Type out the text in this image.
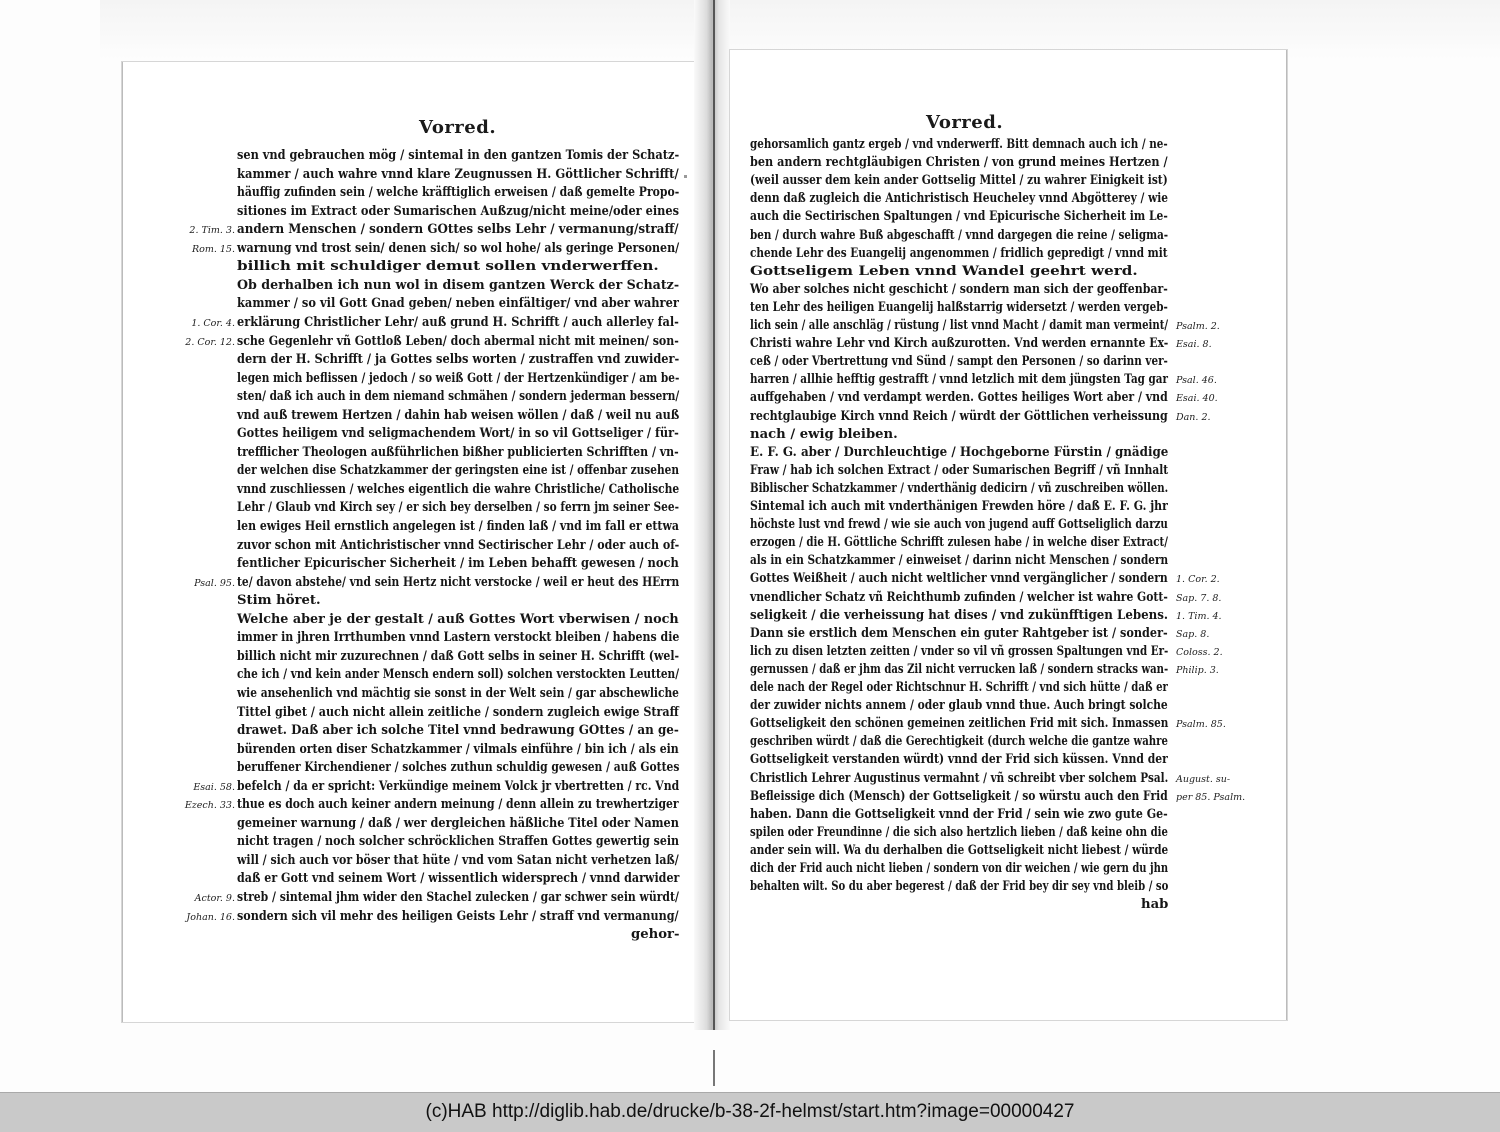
Vorred.
sen vnd gebrauchen mög / sintemal in den gantzen Tomis der Schatz-
kammer / auch wahre vnnd klare Zeugnussen H. Göttlicher Schrifft/
häuffig zufinden sein / welche kräfftiglich erweisen / daß gemelte Propo-
sitiones im Extract oder Sumarischen Außzug/nicht meine/oder eines
andern Menschen / sondern GOttes selbs Lehr / vermanung/straff/
warnung vnd trost sein/ denen sich/ so wol hohe/ als geringe Personen/
billich mit schuldiger demut sollen vnderwerffen.
Ob derhalben ich nun wol in disem gantzen Werck der Schatz-
kammer / so vil Gott Gnad geben/ neben einfältiger/ vnd aber wahrer
erklärung Christlicher Lehr/ auß grund H. Schrifft / auch allerley fal-
sche Gegenlehr vñ Gottloß Leben/ doch abermal nicht mit meinen/ son-
dern der H. Schrifft / ja Gottes selbs worten / zustraffen vnd zuwider-
legen mich beflissen / jedoch / so weiß Gott / der Hertzenkündiger / am be-
sten/ daß ich auch in dem niemand schmähen / sondern jederman bessern/
vnd auß trewem Hertzen / dahin hab weisen wöllen / daß / weil nu auß
Gottes heiligem vnd seligmachendem Wort/ in so vil Gottseliger / für-
trefflicher Theologen außführlichen bißher publicierten Schrifften / vn-
der welchen dise Schatzkammer der geringsten eine ist / offenbar zusehen
vnnd zuschliessen / welches eigentlich die wahre Christliche/ Catholische
Lehr / Glaub vnd Kirch sey / er sich bey derselben / so ferrn jm seiner See-
len ewiges Heil ernstlich angelegen ist / finden laß / vnd im fall er ettwa
zuvor schon mit Antichristischer vnnd Sectirischer Lehr / oder auch of-
fentlicher Epicurischer Sicherheit / im Leben behafft gewesen / noch
te/ davon abstehe/ vnd sein Hertz nicht verstocke / weil er heut des HErrn
Stim höret.
Welche aber je der gestalt / auß Gottes Wort vberwisen / noch
immer in jhren Irrthumben vnnd Lastern verstockt bleiben / habens die
billich nicht mir zuzurechnen / daß Gott selbs in seiner H. Schrifft (wel-
che ich / vnd kein ander Mensch endern soll) solchen verstockten Leutten/
wie ansehenlich vnd mächtig sie sonst in der Welt sein / gar abschewliche
Tittel gibet / auch nicht allein zeitliche / sondern zugleich ewige Straff
drawet. Daß aber ich solche Titel vnnd bedrawung GOttes / an ge-
bürenden orten diser Schatzkammer / vilmals einführe / bin ich / als ein
beruffener Kirchendiener / solches zuthun schuldig gewesen / auß Gottes
befelch / da er spricht: Verkündige meinem Volck jr vbertretten / rc. Vnd
thue es doch auch keiner andern meinung / denn allein zu trewhertziger
gemeiner warnung / daß / wer dergleichen häßliche Titel oder Namen
nicht tragen / noch solcher schröcklichen Straffen Gottes gewertig sein
will / sich auch vor böser that hüte / vnd vom Satan nicht verhetzen laß/
daß er Gott vnd seinem Wort / wissentlich widersprech / vnnd darwider
streb / sintemal jhm wider den Stachel zulecken / gar schwer sein würdt/
sondern sich vil mehr des heiligen Geists Lehr / straff vnd vermanung/
gehor-
2. Tim. 3.
Rom. 15.
1. Cor. 4.
2. Cor. 12.
Psal. 95.
Esai. 58.
Ezech. 33.
Actor. 9.
Johan. 16.
Vorred.
gehorsamlich gantz ergeb / vnd vnderwerff. Bitt demnach auch ich / ne-
ben andern rechtgläubigen Christen / von grund meines Hertzen /
(weil ausser dem kein ander Gottselig Mittel / zu wahrer Einigkeit ist)
denn daß zugleich die Antichristisch Heucheley vnnd Abgötterey / wie
auch die Sectirischen Spaltungen / vnd Epicurische Sicherheit im Le-
ben / durch wahre Buß abgeschafft / vnnd dargegen die reine / seligma-
chende Lehr des Euangelij angenommen / fridlich gepredigt / vnnd mit
Gottseligem Leben vnnd Wandel geehrt werd.
Wo aber solches nicht geschicht / sondern man sich der geoffenbar-
ten Lehr des heiligen Euangelij halßstarrig widersetzt / werden vergeb-
lich sein / alle anschläg / rüstung / list vnnd Macht / damit man vermeint/
Christi wahre Lehr vnd Kirch außzurotten. Vnd werden ernannte Ex-
ceß / oder Vbertrettung vnd Sünd / sampt den Personen / so darinn ver-
harren / allhie hefftig gestrafft / vnnd letzlich mit dem jüngsten Tag gar
auffgehaben / vnd verdampt werden. Gottes heiliges Wort aber / vnd
rechtglaubige Kirch vnnd Reich / würdt der Göttlichen verheissung
nach / ewig bleiben.
E. F. G. aber / Durchleuchtige / Hochgeborne Fürstin / gnädige
Fraw / hab ich solchen Extract / oder Sumarischen Begriff / vñ Innhalt
Biblischer Schatzkammer / vnderthänig dedicirn / vñ zuschreiben wöllen.
Sintemal ich auch mit vnderthänigen Frewden höre / daß E. F. G. jhr
höchste lust vnd frewd / wie sie auch von jugend auff Gottseliglich darzu
erzogen / die H. Göttliche Schrifft zulesen habe / in welche diser Extract/
als in ein Schatzkammer / einweiset / darinn nicht Menschen / sondern
Gottes Weißheit / auch nicht weltlicher vnnd vergänglicher / sondern
vnendlicher Schatz vñ Reichthumb zufinden / welcher ist wahre Gott-
seligkeit / die verheissung hat dises / vnd zukünfftigen Lebens.
Dann sie erstlich dem Menschen ein guter Rahtgeber ist / sonder-
lich zu disen letzten zeitten / vnder so vil vñ grossen Spaltungen vnd Er-
gernussen / daß er jhm das Zil nicht verrucken laß / sondern stracks wan-
dele nach der Regel oder Richtschnur H. Schrifft / vnd sich hütte / daß er
der zuwider nichts annem / oder glaub vnnd thue. Auch bringt solche
Gottseligkeit den schönen gemeinen zeitlichen Frid mit sich. Inmassen
geschriben würdt / daß die Gerechtigkeit (durch welche die gantze wahre
Gottseligkeit verstanden würdt) vnnd der Frid sich küssen. Vnnd der
Christlich Lehrer Augustinus vermahnt / vñ schreibt vber solchem Psal.
Befleissige dich (Mensch) der Gottseligkeit / so würstu auch den Frid
haben. Dann die Gottseligkeit vnnd der Frid / sein wie zwo gute Ge-
spilen oder Freundinne / die sich also hertzlich lieben / daß keine ohn die
ander sein will. Wa du derhalben die Gottseligkeit nicht liebest / würde
dich der Frid auch nicht lieben / sondern von dir weichen / wie gern du jhn
behalten wilt. So du aber begerest / daß der Frid bey dir sey vnd bleib / so
hab
Psalm. 2.
Esai. 8.
Psal. 46.
Esai. 40.
Dan. 2.
1. Cor. 2.
Sap. 7. 8.
1. Tim. 4.
Sap. 8.
Coloss. 2.
Philip. 3.
Psalm. 85.
August. su-
per 85. Psalm.
(c)HAB http://diglib.hab.de/drucke/b-38-2f-helmst/start.htm?image=00000427
